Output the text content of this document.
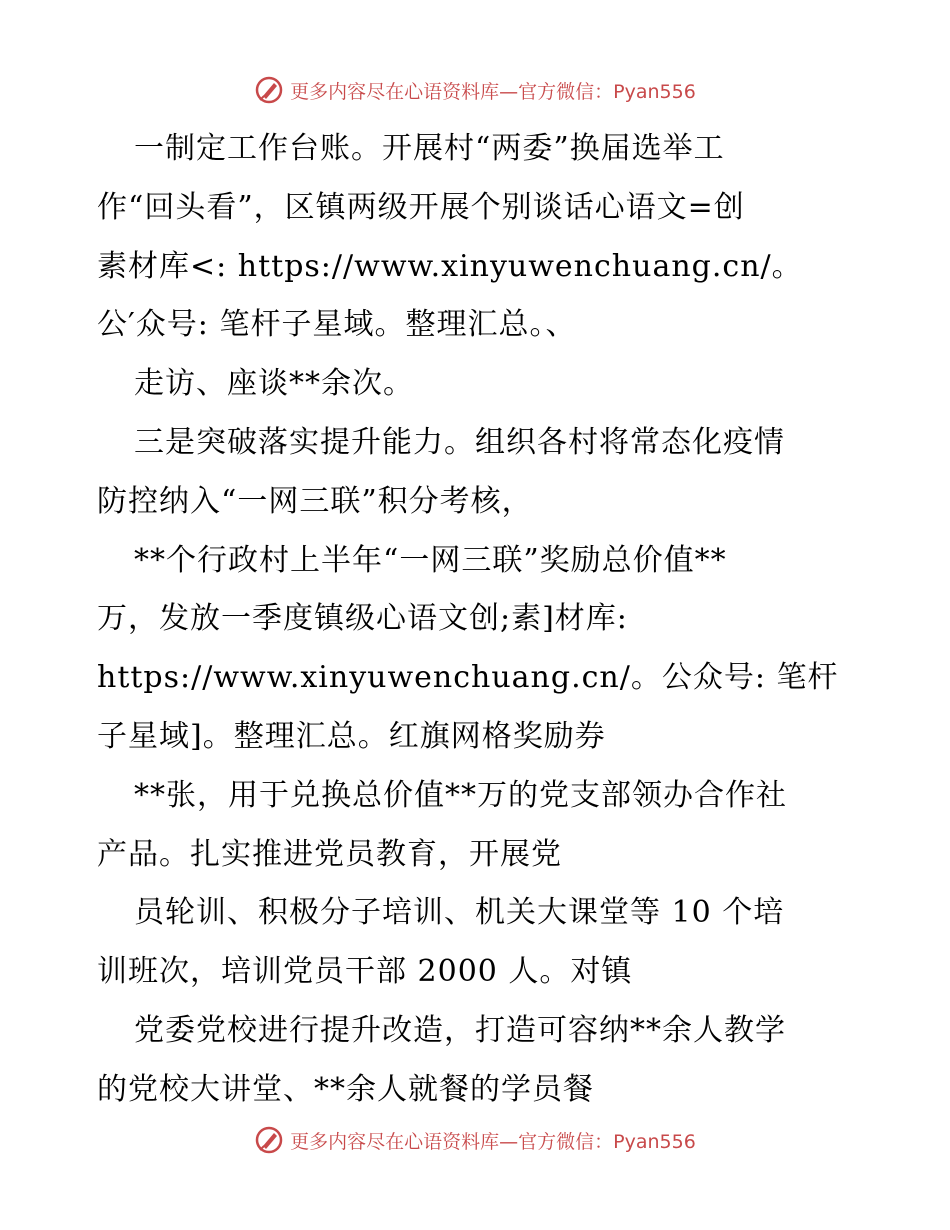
更多内容尽在心语资料库—官方微信：Pyan556
一制定工作台账。开展村“两委”换届选举工
作“回头看”，区镇两级开展个别谈话心语文=创
素材库<: https://www.xinyuwenchuang.cn/。
公′众号: 笔杆子星域。整理汇总。、
走访、座谈**余次。
三是突破落实提升能力。组织各村将常态化疫情
防控纳入“一网三联”积分考核，
**个行政村上半年“一网三联”奖励总价值**
万，发放一季度镇级心语文创;素]材库:
https://www.xinyuwenchuang.cn/。公众号: 笔杆
子星域]。整理汇总。红旗网格奖励券
**张，用于兑换总价值**万的党支部领办合作社
产品。扎实推进党员教育，开展党
员轮训、积极分子培训、机关大课堂等 10 个培
训班次，培训党员干部 2000 人。对镇
党委党校进行提升改造，打造可容纳**余人教学
的党校大讲堂、**余人就餐的学员餐
更多内容尽在心语资料库—官方微信：Pyan556
